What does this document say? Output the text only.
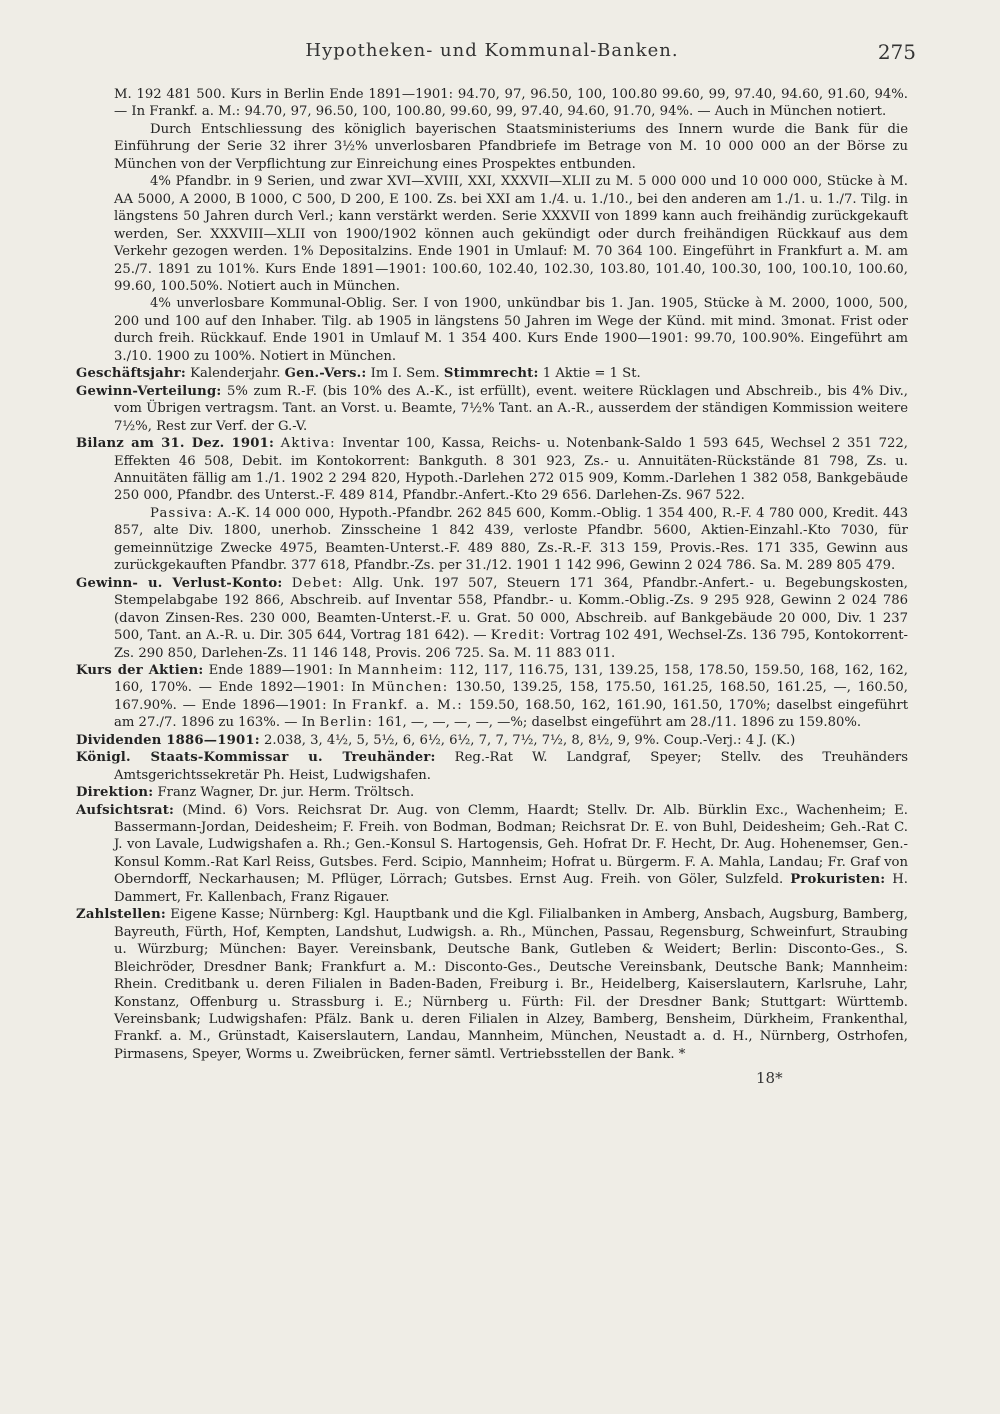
Hypotheken- und Kommunal-Banken.	275

M. 192 481 500. Kurs in Berlin Ende 1891—1901: 94.70, 97, 96.50, 100, 100.80 99.60, 99, 97.40, 94.60, 91.60, 94%. — In Frankf. a. M.: 94.70, 97, 96.50, 100, 100.80, 99.60, 99, 97.40, 94.60, 91.70, 94%. — Auch in München notiert.

Durch Entschliessung des königlich bayerischen Staatsministeriums des Innern wurde die Bank für die Einführung der Serie 32 ihrer 3½% unverlosbaren Pfandbriefe im Betrage von M. 10 000 000 an der Börse zu München von der Verpflichtung zur Einreichung eines Prospektes entbunden.

4% Pfandbr. in 9 Serien, und zwar XVI—XVIII, XXI, XXXVII—XLII zu M. 5 000 000 und 10 000 000, Stücke à M. AA 5000, A 2000, B 1000, C 500, D 200, E 100. Zs. bei XXI am 1./4. u. 1./10., bei den anderen am 1./1. u. 1./7. Tilg. in längstens 50 Jahren durch Verl.; kann verstärkt werden. Serie XXXVII von 1899 kann auch freihändig zurückgekauft werden, Ser. XXXVIII—XLII von 1900/1902 können auch gekündigt oder durch freihändigen Rückkauf aus dem Verkehr gezogen werden. 1% Depositalzins. Ende 1901 in Umlauf: M. 70 364 100. Eingeführt in Frankfurt a. M. am 25./7. 1891 zu 101%. Kurs Ende 1891—1901: 100.60, 102.40, 102.30, 103.80, 101.40, 100.30, 100, 100.10, 100.60, 99.60, 100.50%. Notiert auch in München.

4% unverlosbare Kommunal-Oblig. Ser. I von 1900, unkündbar bis 1. Jan. 1905, Stücke à M. 2000, 1000, 500, 200 und 100 auf den Inhaber. Tilg. ab 1905 in längstens 50 Jahren im Wege der Künd. mit mind. 3monat. Frist oder durch freih. Rückkauf. Ende 1901 in Umlauf M. 1 354 400. Kurs Ende 1900—1901: 99.70, 100.90%. Eingeführt am 3./10. 1900 zu 100%. Notiert in München.

Geschäftsjahr: Kalenderjahr. Gen.-Vers.: Im I. Sem. Stimmrecht: 1 Aktie = 1 St.

Gewinn-Verteilung: 5% zum R.-F. (bis 10% des A.-K., ist erfüllt), event. weitere Rücklagen und Abschreib., bis 4% Div., vom Übrigen vertragsm. Tant. an Vorst. u. Beamte, 7½% Tant. an A.-R., ausserdem der ständigen Kommission weitere 7½%, Rest zur Verf. der G.-V.

Bilanz am 31. Dez. 1901: Aktiva: Inventar 100, Kassa, Reichs- u. Notenbank-Saldo 1 593 645, Wechsel 2 351 722, Effekten 46 508, Debit. im Kontokorrent: Bankguth. 8 301 923, Zs.- u. Annuitäten-Rückstände 81 798, Zs. u. Annuitäten fällig am 1./1. 1902 2 294 820, Hypoth.-Darlehen 272 015 909, Komm.-Darlehen 1 382 058, Bankgebäude 250 000, Pfandbr. des Unterst.-F. 489 814, Pfandbr.-Anfert.-Kto 29 656. Darlehen-Zs. 967 522.

Passiva: A.-K. 14 000 000, Hypoth.-Pfandbr. 262 845 600, Komm.-Oblig. 1 354 400, R.-F. 4 780 000, Kredit. 443 857, alte Div. 1800, unerhob. Zinsscheine 1 842 439, verloste Pfandbr. 5600, Aktien-Einzahl.-Kto 7030, für gemeinnützige Zwecke 4975, Beamten-Unterst.-F. 489 880, Zs.-R.-F. 313 159, Provis.-Res. 171 335, Gewinn aus zurückgekauften Pfandbr. 377 618, Pfandbr.-Zs. per 31./12. 1901 1 142 996, Gewinn 2 024 786. Sa. M. 289 805 479.

Gewinn- u. Verlust-Konto: Debet: Allg. Unk. 197 507, Steuern 171 364, Pfandbr.-Anfert.- u. Begebungskosten, Stempelabgabe 192 866, Abschreib. auf Inventar 558, Pfandbr.- u. Komm.-Oblig.-Zs. 9 295 928, Gewinn 2 024 786 (davon Zinsen-Res. 230 000, Beamten-Unterst.-F. u. Grat. 50 000, Abschreib. auf Bankgebäude 20 000, Div. 1 237 500, Tant. an A.-R. u. Dir. 305 644, Vortrag 181 642). — Kredit: Vortrag 102 491, Wechsel-Zs. 136 795, Kontokorrent-Zs. 290 850, Darlehen-Zs. 11 146 148, Provis. 206 725. Sa. M. 11 883 011.

Kurs der Aktien: Ende 1889—1901: In Mannheim: 112, 117, 116.75, 131, 139.25, 158, 178.50, 159.50, 168, 162, 162, 160, 170%. — Ende 1892—1901: In München: 130.50, 139.25, 158, 175.50, 161.25, 168.50, 161.25, —, 160.50, 167.90%. — Ende 1896—1901: In Frankf. a. M.: 159.50, 168.50, 162, 161.90, 161.50, 170%; daselbst eingeführt am 27./7. 1896 zu 163%. — In Berlin: 161, —, —, —, —, —%; daselbst eingeführt am 28./11. 1896 zu 159.80%.

Dividenden 1886—1901: 2.038, 3, 4½, 5, 5½, 6, 6½, 6½, 7, 7, 7½, 7½, 8, 8½, 9, 9%. Coup.-Verj.: 4 J. (K.)

Königl. Staats-Kommissar u. Treuhänder: Reg.-Rat W. Landgraf, Speyer; Stellv. des Treuhänders Amtsgerichtssekretär Ph. Heist, Ludwigshafen.

Direktion: Franz Wagner, Dr. jur. Herm. Tröltsch.

Aufsichtsrat: (Mind. 6) Vors. Reichsrat Dr. Aug. von Clemm, Haardt; Stellv. Dr. Alb. Bürklin Exc., Wachenheim; E. Bassermann-Jordan, Deidesheim; F. Freih. von Bodman, Bodman; Reichsrat Dr. E. von Buhl, Deidesheim; Geh.-Rat C. J. von Lavale, Ludwigshafen a. Rh.; Gen.-Konsul S. Hartogensis, Geh. Hofrat Dr. F. Hecht, Dr. Aug. Hohenemser, Gen.-Konsul Komm.-Rat Karl Reiss, Gutsbes. Ferd. Scipio, Mannheim; Hofrat u. Bürgerm. F. A. Mahla, Landau; Fr. Graf von Oberndorff, Neckarhausen; M. Pflüger, Lörrach; Gutsbes. Ernst Aug. Freih. von Göler, Sulzfeld. Prokuristen: H. Dammert, Fr. Kallenbach, Franz Rigauer.

Zahlstellen: Eigene Kasse; Nürnberg: Kgl. Hauptbank und die Kgl. Filialbanken in Amberg, Ansbach, Augsburg, Bamberg, Bayreuth, Fürth, Hof, Kempten, Landshut, Ludwigsh. a. Rh., München, Passau, Regensburg, Schweinfurt, Straubing u. Würzburg; München: Bayer. Vereinsbank, Deutsche Bank, Gutleben & Weidert; Berlin: Disconto-Ges., S. Bleichröder, Dresdner Bank; Frankfurt a. M.: Disconto-Ges., Deutsche Vereinsbank, Deutsche Bank; Mannheim: Rhein. Creditbank u. deren Filialen in Baden-Baden, Freiburg i. Br., Heidelberg, Kaiserslautern, Karlsruhe, Lahr, Konstanz, Offenburg u. Strassburg i. E.; Nürnberg u. Fürth: Fil. der Dresdner Bank; Stuttgart: Württemb. Vereinsbank; Ludwigshafen: Pfälz. Bank u. deren Filialen in Alzey, Bamberg, Bensheim, Dürkheim, Frankenthal, Frankf. a. M., Grünstadt, Kaiserslautern, Landau, Mannheim, München, Neustadt a. d. H., Nürnberg, Ostrhofen, Pirmasens, Speyer, Worms u. Zweibrücken, ferner sämtl. Vertriebsstellen der Bank. *

18*
